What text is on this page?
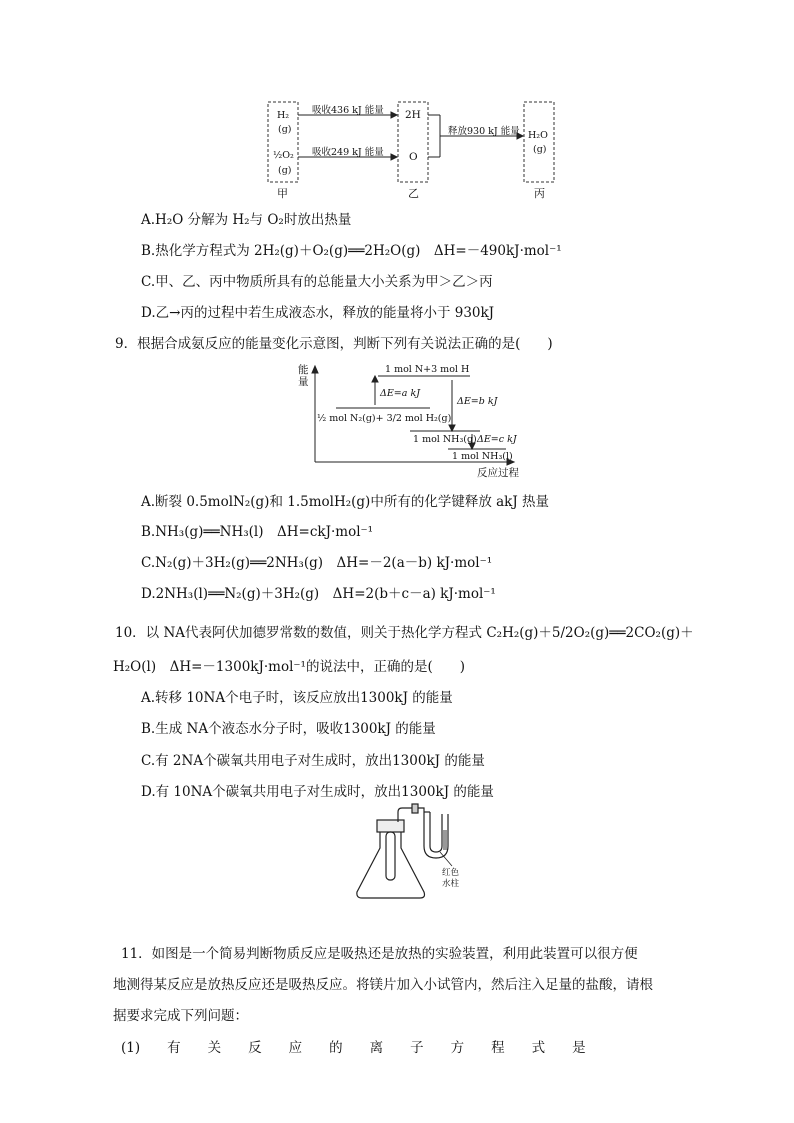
H₂
(g)
½O₂
(g)
甲
2H
O
乙
H₂O
(g)
丙
吸收436 kJ 能量
吸收249 kJ 能量
释放930 kJ 能量
A.H₂O 分解为 H₂与 O₂时放出热量
B.热化学方程式为 2H₂(g)＋O₂(g)══2H₂O(g)　ΔH=－490kJ·mol⁻¹
C.甲、乙、丙中物质所具有的总能量大小关系为甲＞乙＞丙
D.乙→丙的过程中若生成液态水，释放的能量将小于 930kJ
9．根据合成氨反应的能量变化示意图，判断下列有关说法正确的是(　　)
能量
反应过程
1 mol N+3 mol H
½ mol N₂(g)+ 3/2 mol H₂(g)
1 mol NH₃(g)
1 mol NH₃(l)
ΔE=a kJ
ΔE=b kJ
ΔE=c kJ
A.断裂 0.5molN₂(g)和 1.5molH₂(g)中所有的化学键释放 akJ 热量
B.NH₃(g)══NH₃(l)　ΔH=ckJ·mol⁻¹
C.N₂(g)＋3H₂(g)══2NH₃(g)　ΔH=－2(a－b) kJ·mol⁻¹
D.2NH₃(l)══N₂(g)＋3H₂(g)　ΔH=2(b＋c－a) kJ·mol⁻¹
10．以 NA代表阿伏加德罗常数的数值，则关于热化学方程式 C₂H₂(g)＋5/2O₂(g)══2CO₂(g)＋
H₂O(l)　ΔH=－1300kJ·mol⁻¹的说法中，正确的是(　　)
A.转移 10NA个电子时，该反应放出1300kJ 的能量
B.生成 NA个液态水分子时，吸收1300kJ 的能量
C.有 2NA个碳氧共用电子对生成时，放出1300kJ 的能量
D.有 10NA个碳氧共用电子对生成时，放出1300kJ 的能量
红色
水柱
11．如图是一个简易判断物质反应是吸热还是放热的实验装置，利用此装置可以很方便
地测得某反应是放热反应还是吸热反应。将镁片加入小试管内，然后注入足量的盐酸，请根
据要求完成下列问题：
(1)　　有　　关　　反　　应　　的　　离　　子　　方　　程　　式　　是
